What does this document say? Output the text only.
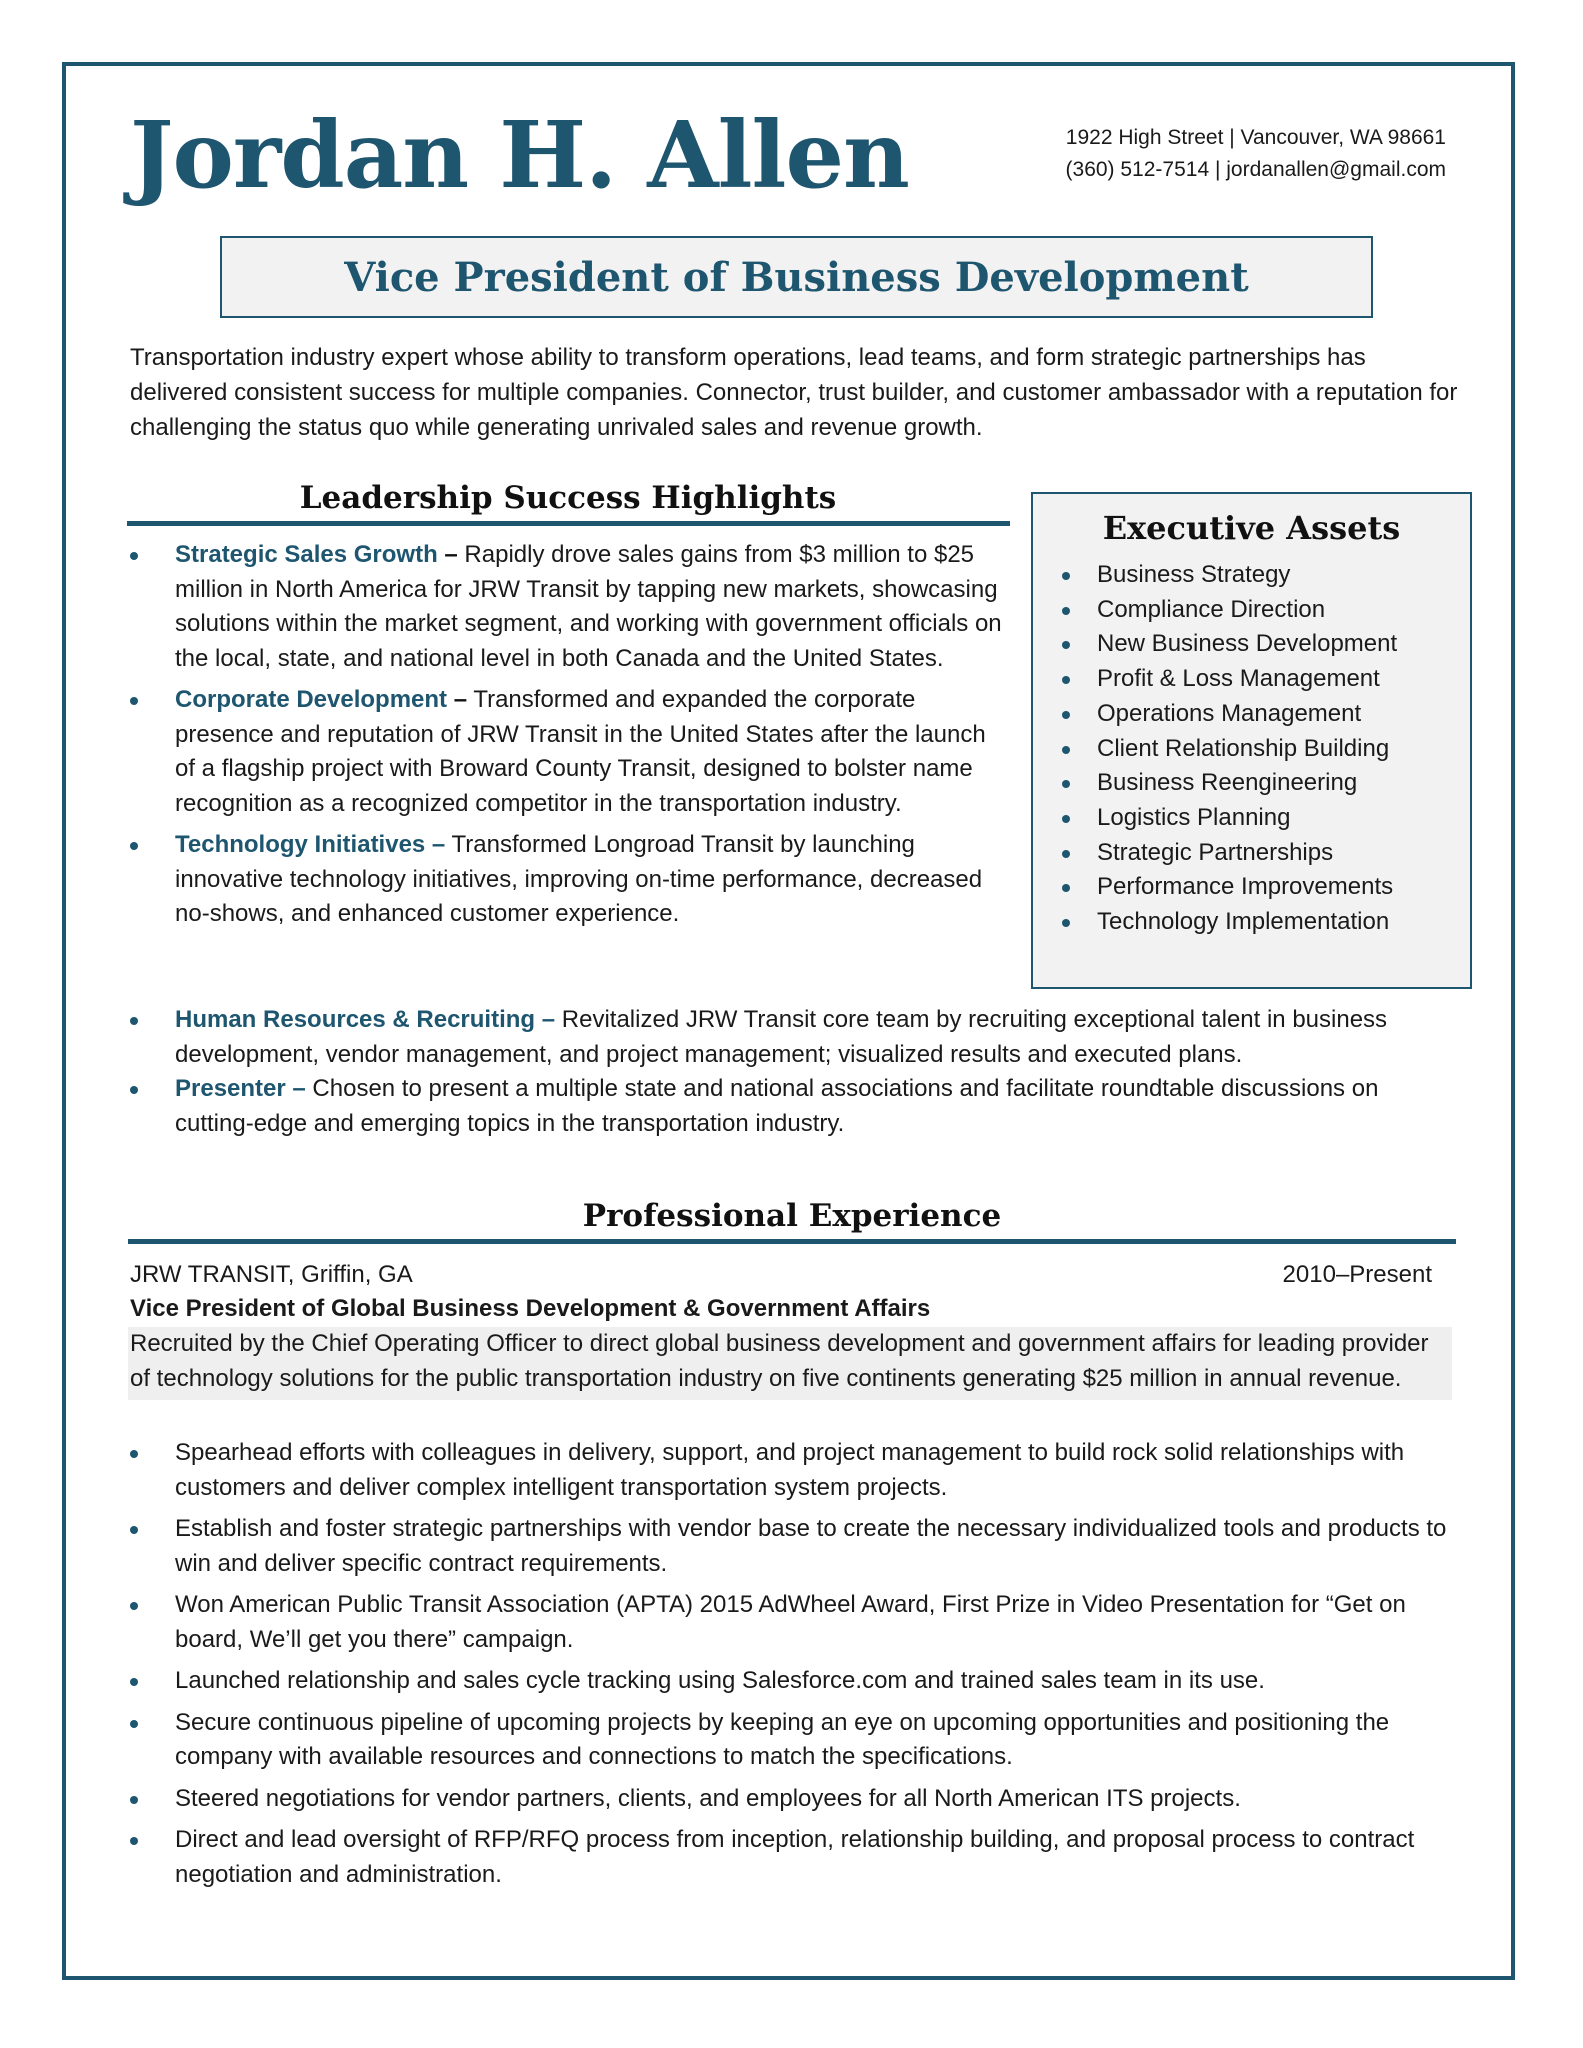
Jordan H. Allen	1922 High Street | Vancouver, WA 98661
(360) 512-7514 | jordanallen@gmail.com
Vice President of Business Development

Transportation industry expert whose ability to transform operations, lead teams, and form strategic partnerships has delivered consistent success for multiple companies. Connector, trust builder, and customer ambassador with a reputation for challenging the status quo while generating unrivaled sales and revenue growth.

Leadership Success Highlights
Strategic Sales Growth – Rapidly drove sales gains from $3 million to $25 million in North America for JRW Transit by tapping new markets, showcasing solutions within the market segment, and working with government officials on the local, state, and national level in both Canada and the United States.
Corporate Development – Transformed and expanded the corporate presence and reputation of JRW Transit in the United States after the launch of a flagship project with Broward County Transit, designed to bolster name recognition as a recognized competitor in the transportation industry.
Technology Initiatives – Transformed Longroad Transit by launching innovative technology initiatives, improving on-time performance, decreased no-shows, and enhanced customer experience.
Human Resources & Recruiting – Revitalized JRW Transit core team by recruiting exceptional talent in business development, vendor management, and project management; visualized results and executed plans.
Presenter – Chosen to present a multiple state and national associations and facilitate roundtable discussions on cutting-edge and emerging topics in the transportation industry.
Executive Assets
Business Strategy
Compliance Direction
New Business Development
Profit & Loss Management
Operations Management
Client Relationship Building
Business Reengineering
Logistics Planning
Strategic Partnerships
Performance Improvements
Technology Implementation
Professional Experience
JRW TRANSIT, Griffin, GA	2010–Present
Vice President of Global Business Development & Government Affairs
Recruited by the Chief Operating Officer to direct global business development and government affairs for leading provider of technology solutions for the public transportation industry on five continents generating $25 million in annual revenue.
Spearhead efforts with colleagues in delivery, support, and project management to build rock solid relationships with customers and deliver complex intelligent transportation system projects.
Establish and foster strategic partnerships with vendor base to create the necessary individualized tools and products to win and deliver specific contract requirements.
Won American Public Transit Association (APTA) 2015 AdWheel Award, First Prize in Video Presentation for “Get on board, We’ll get you there” campaign.
Launched relationship and sales cycle tracking using Salesforce.com and trained sales team in its use.
Secure continuous pipeline of upcoming projects by keeping an eye on upcoming opportunities and positioning the company with available resources and connections to match the specifications.
Steered negotiations for vendor partners, clients, and employees for all North American ITS projects.
Direct and lead oversight of RFP/RFQ process from inception, relationship building, and proposal process to contract negotiation and administration.
